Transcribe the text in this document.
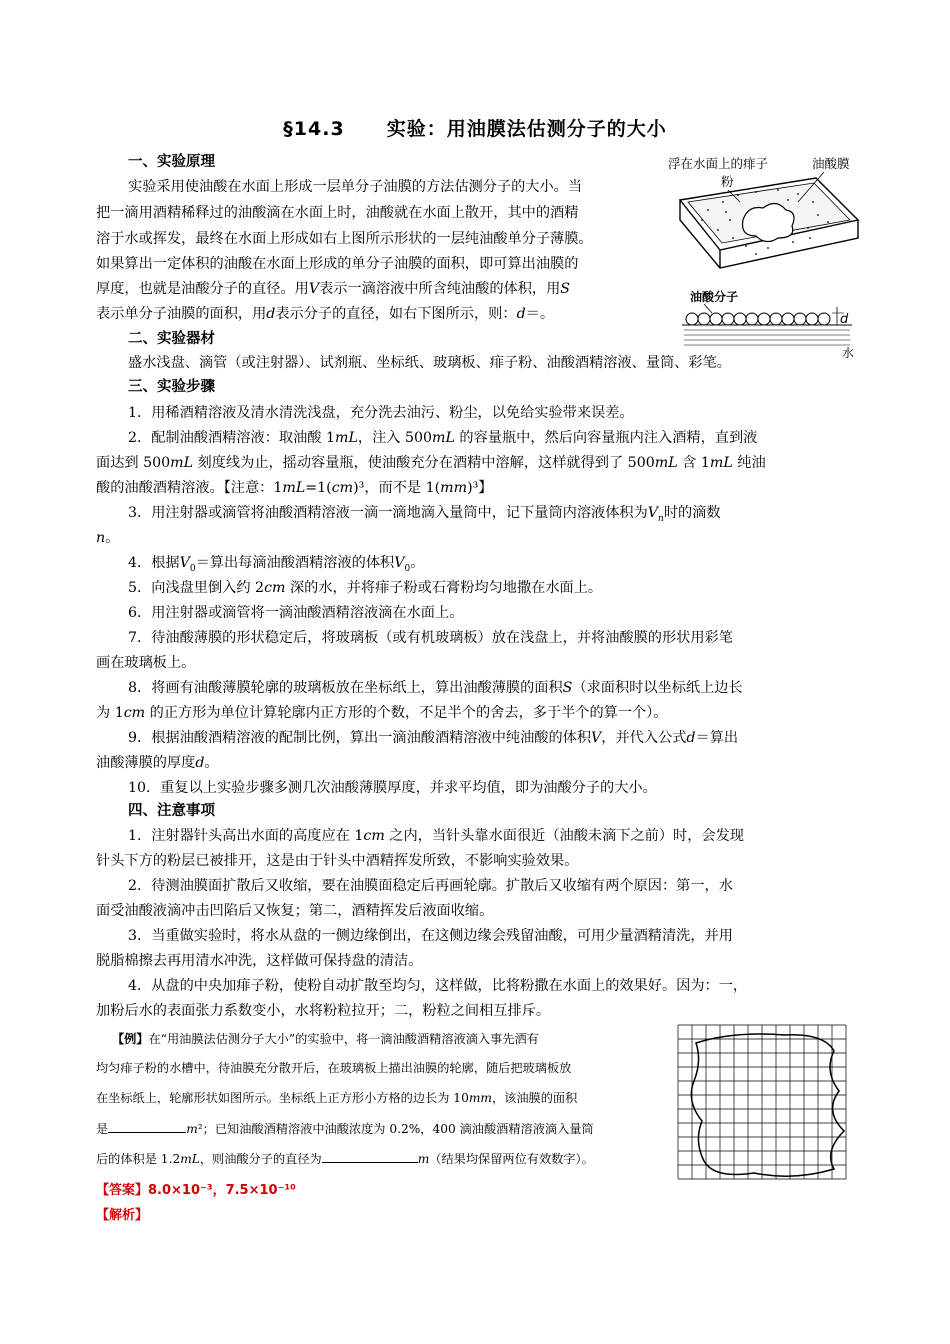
§14.3 实验：用油膜法估测分子的大小
一、实验原理
实验采用使油酸在水面上形成一层单分子油膜的方法估测分子的大小。当
把一滴用酒精稀释过的油酸滴在水面上时，油酸就在水面上散开，其中的酒精
溶于水或挥发，最终在水面上形成如右上图所示形状的一层纯油酸单分子薄膜。
如果算出一定体积的油酸在水面上形成的单分子油膜的面积，即可算出油膜的
厚度，也就是油酸分子的直径。用V表示一滴溶液中所含纯油酸的体积，用S
表示单分子油膜的面积，用d表示分子的直径，如右下图所示，则：d＝。
浮在水面上的痱子
粉
油酸膜
油酸分子
d
水
二、实验器材
盛水浅盘、滴管（或注射器）、试剂瓶、坐标纸、玻璃板、痱子粉、油酸酒精溶液、量筒、彩笔。
三、实验步骤
1．用稀酒精溶液及清水清洗浅盘，充分洗去油污、粉尘，以免给实验带来误差。
2．配制油酸酒精溶液：取油酸 1mL，注入 500mL 的容量瓶中，然后向容量瓶内注入酒精，直到液
面达到 500mL 刻度线为止，摇动容量瓶，使油酸充分在酒精中溶解，这样就得到了 500mL 含 1mL 纯油
酸的油酸酒精溶液。【注意：1mL=1(cm)³，而不是 1(mm)³】
3．用注射器或滴管将油酸酒精溶液一滴一滴地滴入量筒中，记下量筒内溶液体积为$V_n$时的滴数
n。
4．根据$V_0=$算出每滴油酸酒精溶液的体积$V_0$。
5．向浅盘里倒入约 2cm 深的水，并将痱子粉或石膏粉均匀地撒在水面上。
6．用注射器或滴管将一滴油酸酒精溶液滴在水面上。
7．待油酸薄膜的形状稳定后，将玻璃板（或有机玻璃板）放在浅盘上，并将油酸膜的形状用彩笔
画在玻璃板上。
8．将画有油酸薄膜轮廓的玻璃板放在坐标纸上，算出油酸薄膜的面积S（求面积时以坐标纸上边长
为 1cm 的正方形为单位计算轮廓内正方形的个数，不足半个的舍去，多于半个的算一个）。
9．根据油酸酒精溶液的配制比例，算出一滴油酸酒精溶液中纯油酸的体积V，并代入公式d＝算出
油酸薄膜的厚度d。
10．重复以上实验步骤多测几次油酸薄膜厚度，并求平均值，即为油酸分子的大小。
四、注意事项
1．注射器针头高出水面的高度应在 1cm 之内，当针头靠水面很近（油酸未滴下之前）时，会发现
针头下方的粉层已被排开，这是由于针头中酒精挥发所致，不影响实验效果。
2．待测油膜面扩散后又收缩，要在油膜面稳定后再画轮廓。扩散后又收缩有两个原因：第一，水
面受油酸液滴冲击凹陷后又恢复；第二，酒精挥发后液面收缩。
3．当重做实验时，将水从盘的一侧边缘倒出，在这侧边缘会残留油酸，可用少量酒精清洗，并用
脱脂棉擦去再用清水冲洗，这样做可保持盘的清洁。
4．从盘的中央加痱子粉，使粉自动扩散至均匀，这样做，比将粉撒在水面上的效果好。因为：一，
加粉后水的表面张力系数变小，水将粉粒拉开；二，粉粒之间相互排斥。
【例】在“用油膜法估测分子大小”的实验中，将一滴油酸酒精溶液滴入事先洒有
均匀痱子粉的水槽中，待油膜充分散开后，在玻璃板上描出油膜的轮廓，随后把玻璃板放
在坐标纸上，轮廓形状如图所示。坐标纸上正方形小方格的边长为 10mm，该油膜的面积
是	m²；已知油酸酒精溶液中油酸浓度为 0.2%，400 滴油酸酒精溶液滴入量筒
后的体积是 1.2mL，则油酸分子的直径为	m（结果均保留两位有效数字）。
【答案】8.0×10⁻³，7.5×10⁻¹⁰
【解析】
